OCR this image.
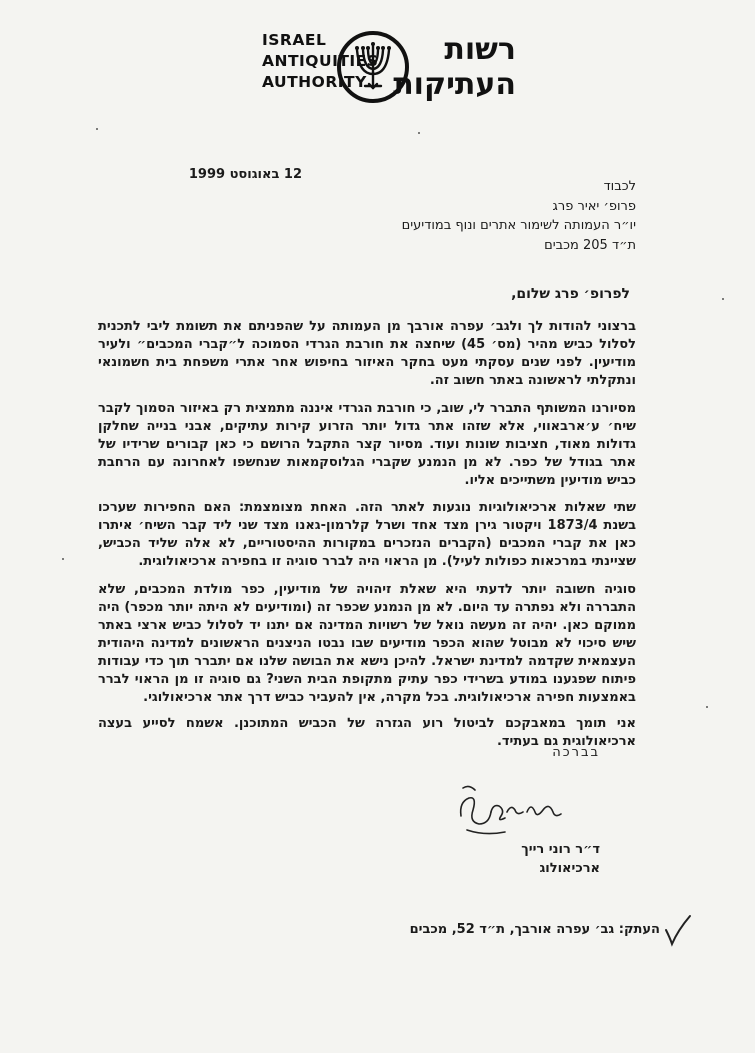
ISRAEL
ANTIQUITIES
AUTHORITY
רשות
העתיקות
12 באוגוסט 1999
לכבוד
פרופ׳ יאיר פרג
יו״ר העמותה לשימור אתרים ונוף במודיעים
ת״ד 205 מכבים
לפרופ׳ פרג שלום,
ברצוני להודות לך ולגב׳ עפרה אורבך מן העמותה על שהפניתם את תשומת ליבי לתכנית לסלול כביש מהיר (מס׳ 45) שיחצה את חורבת הגרדי הסמוכה ל״קברי המכבים״ ולעיר מודיעין. לפני שנים עסקתי מעט בחקר האיזור בחיפוש אחר אתרי משפחת בית חשמונאי ונתקלתי לראשונה באתר חשוב זה.
מסיורנו המשותף התברר לי, שוב, כי חורבת הגרדי איננה מתמצית רק באיזור הסמוך לקבר שיח׳ ע׳ארבאווי, אלא שזהו אתר גדול יותר הזרוע קירות עתיקים, אבני בנייה שחלקן גדולות מאוד, חציבות שונות ועוד. מסיור קצר התקבל הרושם כי כאן קבורים שרידיו של אתר בגודל של כפר. לא מן הנמנע שקברי הגלוסקמאות שנחשפו לאחרונה עם הרחבת כביש מודיעין משתייכים אליו.
שתי שאלות ארכיאולוגיות נוגעות לאתר הזה. האחת מצומצמת: האם החפירות שערכו בשנת 1873/4 ויקטור גירן מצד אחד ושרל קלרמון-גאנו מצד שני ליד קבר השיח׳ איתרו כאן את קברי המכבים (הקברים הנזכרים במקורות ההיסטוריים, לא אלה שליד הכביש, שציינתי במרכאות כפולות לעיל). מן הראוי היה לברר סוגיה זו בחפירה ארכיאולוגית.
סוגיה חשובה יותר לדעתי היא שאלת זיהויה של מודיעין, כפר מולדת המכבים, שלא התבררה ולא נפתרה עד היום. לא מן הנמנע שכפר זה (ומודיעים לא היתה יותר מכפר) היה ממוקם כאן. יהיה זה מעשה נואל של רשויות המדינה אם יתנו יד לסלול כביש ארצי באתר שיש סיכוי לא מבוטל שהוא הכפר מודיעים שבו נבטו הניצנים הראשונים למדינה היהודית העצמאית שקדמה למדינת ישראל. להיכן נישא את הבושה שלנו אם יתברר תוך כדי עבודות פיתוח שפגענו במודע בשרידי כפר עתיק מתקופת הבית השני? גם סוגיה זו מן הראוי לברר באמצעות חפירה ארכיאולוגית. בכל מקרה, אין להעביר כביש דרך אתר ארכיאולוגי.
אני תומך במאבקכם לביטול רוע הגזרה של הכביש המתוכנן. אשמח לסייע בעצה ארכיאולוגית גם בעתיד.
בברכה
ד״ר רוני רייך
ארכיאולוג
העתק: גב׳ עפרה אורבך, ת״ד 52, מכבים
